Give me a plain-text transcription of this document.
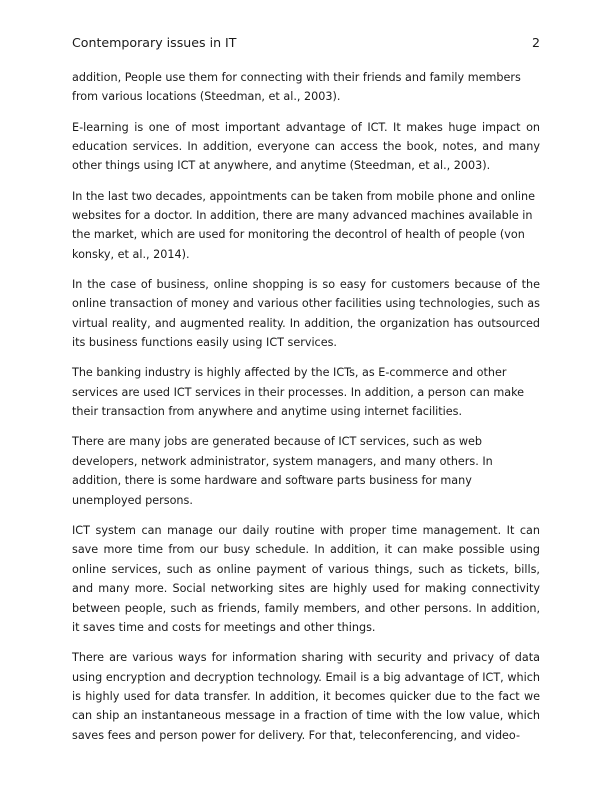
Contemporary issues in IT	2

addition, People use them for connecting with their friends and family members from various locations (Steedman, et al., 2003).

E-learning is one of most important advantage of ICT. It makes huge impact on education services. In addition, everyone can access the book, notes, and many other things using ICT at anywhere, and anytime (Steedman, et al., 2003).

In the last two decades, appointments can be taken from mobile phone and online websites for a doctor. In addition, there are many advanced machines available in the market, which are used for monitoring the decontrol of health of people (von konsky, et al., 2014).

In the case of business, online shopping is so easy for customers because of the online transaction of money and various other facilities using technologies, such as virtual reality, and augmented reality. In addition, the organization has outsourced its business functions easily using ICT services.

The banking industry is highly affected by the ICTs, as E-commerce and other services are used ICT services in their processes. In addition, a person can make their transaction from anywhere and anytime using internet facilities.

There are many jobs are generated because of ICT services, such as web developers, network administrator, system managers, and many others. In addition, there is some hardware and software parts business for many unemployed persons.

ICT system can manage our daily routine with proper time management. It can save more time from our busy schedule. In addition, it can make possible using online services, such as online payment of various things, such as tickets, bills, and many more. Social networking sites are highly used for making connectivity between people, such as friends, family members, and other persons. In addition, it saves time and costs for meetings and other things.

There are various ways for information sharing with security and privacy of data using encryption and decryption technology. Email is a big advantage of ICT, which is highly used for data transfer. In addition, it becomes quicker due to the fact we can ship an instantaneous message in a fraction of time with the low value, which saves fees and person power for delivery. For that, teleconferencing, and video-
